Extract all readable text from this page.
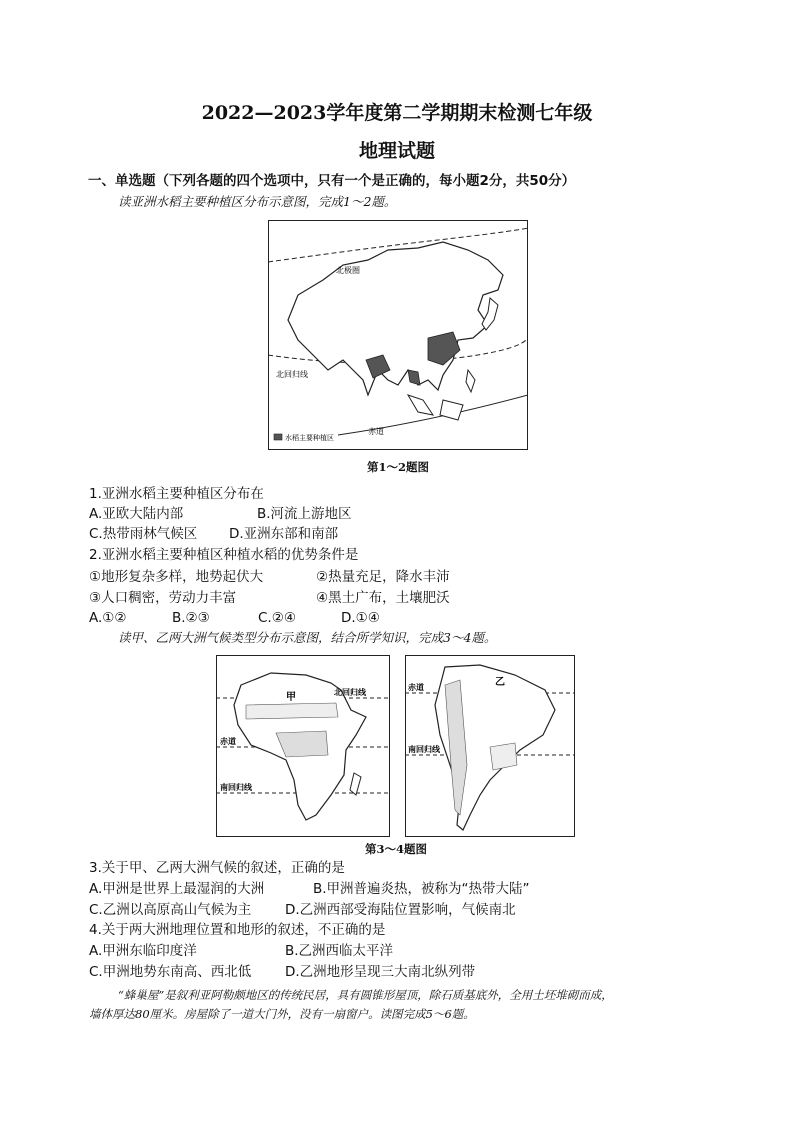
2022—2023学年度第二学期期末检测七年级
地理试题
一、单选题（下列各题的四个选项中，只有一个是正确的，每小题2分，共50分）
读亚洲水稻主要种植区分布示意图，完成1～2题。
北极圈
北回归线
赤道
水稻主要种植区
第1～2题图
1.亚洲水稻主要种植区分布在
A.亚欧大陆内部	B.河流上游地区
C.热带雨林气候区 D.亚洲东部和南部
2.亚洲水稻主要种植区种植水稻的优势条件是
①地形复杂多样，地势起伏大	②热量充足，降水丰沛
③人口稠密，劳动力丰富	④黑土广布，土壤肥沃
A.①②	B.②③	C.②④	D.①④
读甲、乙两大洲气候类型分布示意图，结合所学知识，完成3～4题。
甲	北回归线
赤道
南回归线
乙
赤道
南回归线
第3～4题图
3.关于甲、乙两大洲气候的叙述，正确的是
A.甲洲是世界上最湿润的大洲	B.甲洲普遍炎热，被称为“热带大陆”
C.乙洲以高原高山气候为主	D.乙洲西部受海陆位置影响，气候南北
4.关于两大洲地理位置和地形的叙述，不正确的是
A.甲洲东临印度洋	B.乙洲西临太平洋
C.甲洲地势东南高、西北低	D.乙洲地形呈现三大南北纵列带
“蜂巢屋”是叙利亚阿勒颇地区的传统民居，具有圆锥形屋顶，除石质基底外，全用土坯堆砌而成，
墙体厚达80厘米。房屋除了一道大门外，没有一扇窗户。读图完成5～6题。
